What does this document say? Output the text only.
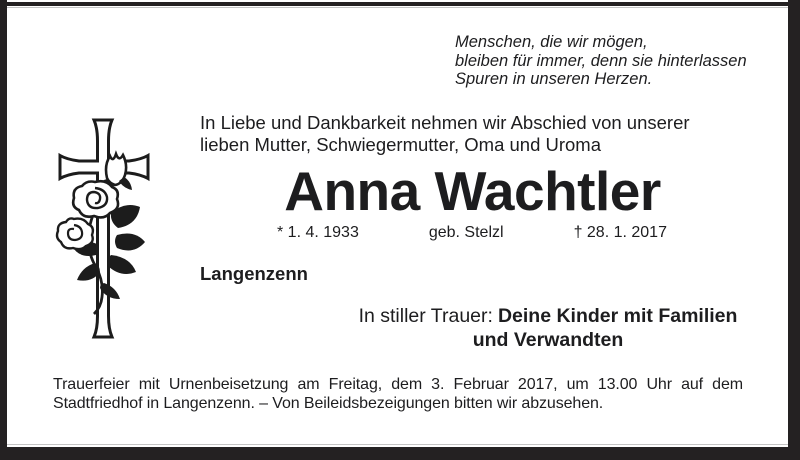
Menschen, die wir mögen,
bleiben für immer, denn sie hinterlassen
Spuren in unseren Herzen.
In Liebe und Dankbarkeit nehmen wir Abschied von unserer
lieben Mutter, Schwiegermutter, Oma und Uroma
Anna Wachtler
* 1. 4. 1933	geb. Stelzl	† 28. 1. 2017
Langenzenn
In stiller Trauer: Deine Kinder mit Familien
und Verwandten
Trauerfeier mit Urnenbeisetzung am Freitag, dem 3. Februar 2017, um 13.00 Uhr auf dem
Stadtfriedhof in Langenzenn. – Von Beileidsbezeigungen bitten wir abzusehen.
